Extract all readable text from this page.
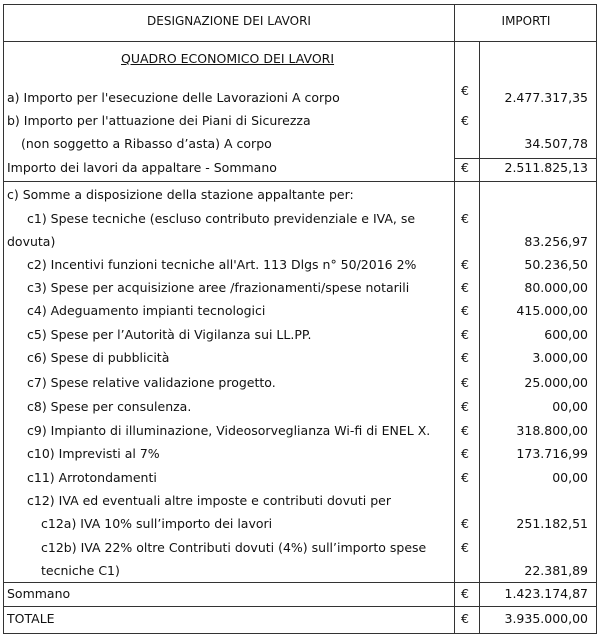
DESIGNAZIONE DEI LAVORI	IMPORTI
QUADRO ECONOMICO DEI LAVORI
a) Importo per l'esecuzione delle Lavorazioni A corpo	€	2.477.317,35
b) Importo per l'attuazione dei Piani di Sicurezza	€
(non soggetto a Ribasso d’asta) A corpo	34.507,78
Importo dei lavori da appaltare - Sommano	€	2.511.825,13
c) Somme a disposizione della stazione appaltante per:
c1) Spese tecniche (escluso contributo previdenziale e IVA, se	€
dovuta)	83.256,97
c2) Incentivi funzioni tecniche all'Art. 113 Dlgs n° 50/2016 2%	€	50.236,50
c3) Spese per acquisizione aree /frazionamenti/spese notarili	€	80.000,00
c4) Adeguamento impianti tecnologici	€	415.000,00
c5) Spese per l’Autorità di Vigilanza sui LL.PP.	€	600,00
c6) Spese di pubblicità	€	3.000,00
c7) Spese relative validazione progetto.	€	25.000,00
c8) Spese per consulenza.	€	00,00
c9) Impianto di illuminazione, Videosorveglianza Wi-fi di ENEL X. €	318.800,00
c10) Imprevisti al 7%	€	173.716,99
c11) Arrotondamenti	€	00,00
c12) IVA ed eventuali altre imposte e contributi dovuti per
c12a) IVA 10% sull’importo dei lavori	€	251.182,51
c12b) IVA 22% oltre Contributi dovuti (4%) sull’importo spese	€
tecniche C1)	22.381,89
Sommano	€	1.423.174,87
TOTALE	€	3.935.000,00
